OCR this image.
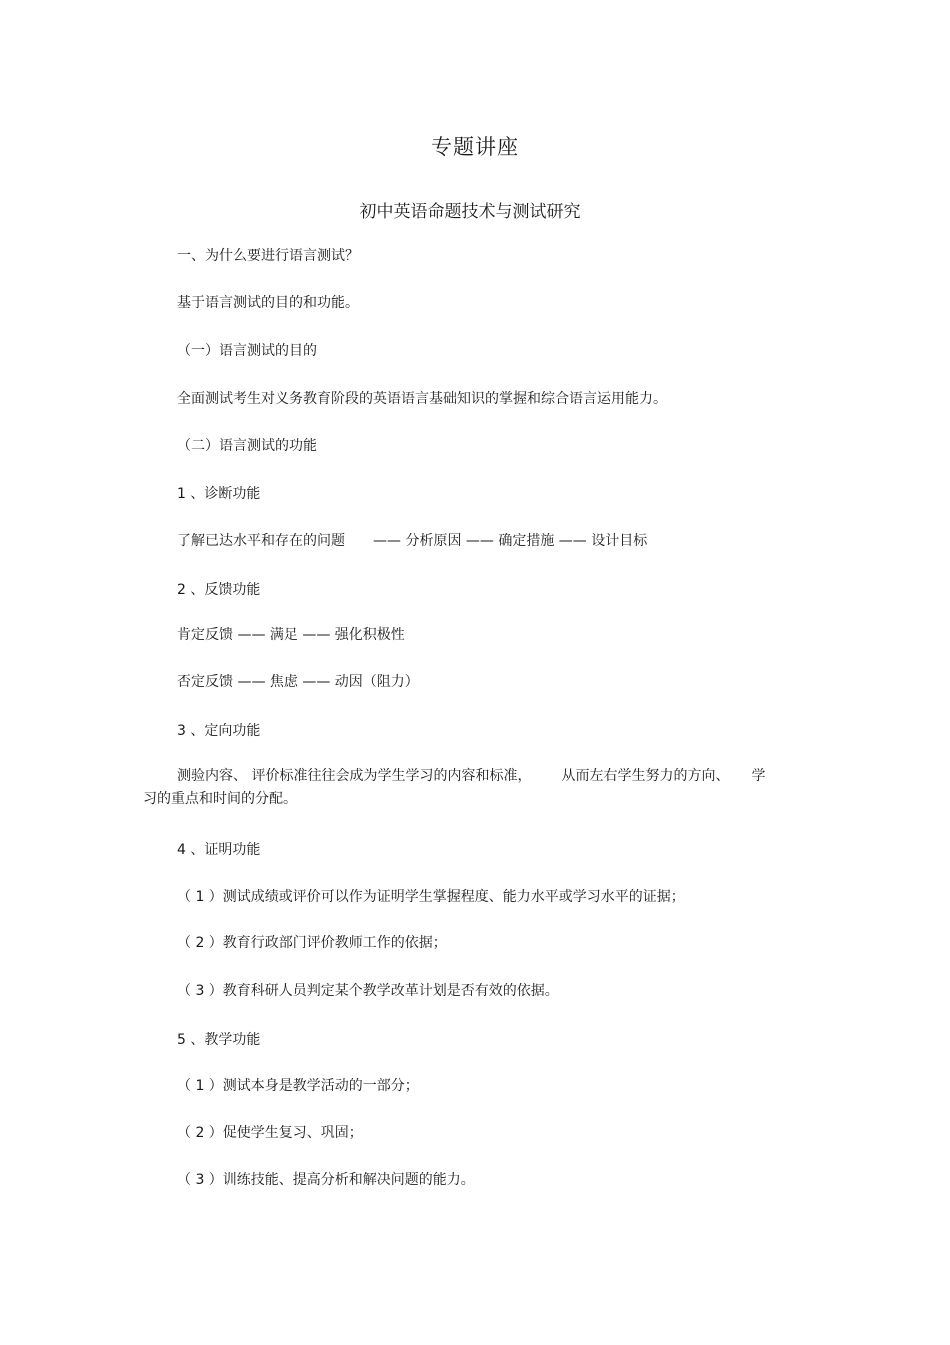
专题讲座
初中英语命题技术与测试研究
一、为什么要进行语言测试？
基于语言测试的目的和功能。
（一）语言测试的目的
全面测试考生对义务教育阶段的英语语言基础知识的掌握和综合语言运用能力。
（二）语言测试的功能
1 、诊断功能
了解已达水平和存在的问题 —— 分析原因 —— 确定措施 —— 设计目标
2 、反馈功能
肯定反馈 —— 满足 —— 强化积极性
否定反馈 —— 焦虑 —— 动因（阻力）
3 、定向功能
测验内容、 评价标准往往会成为学生学习的内容和标准， 从而左右学生努力的方向、 学
习的重点和时间的分配。
4 、证明功能
（ 1 ）测试成绩或评价可以作为证明学生掌握程度、能力水平或学习水平的证据；
（ 2 ）教育行政部门评价教师工作的依据；
（ 3 ）教育科研人员判定某个教学改革计划是否有效的依据。
5 、教学功能
（ 1 ）测试本身是教学活动的一部分；
（ 2 ）促使学生复习、巩固；
（ 3 ）训练技能、提高分析和解决问题的能力。
